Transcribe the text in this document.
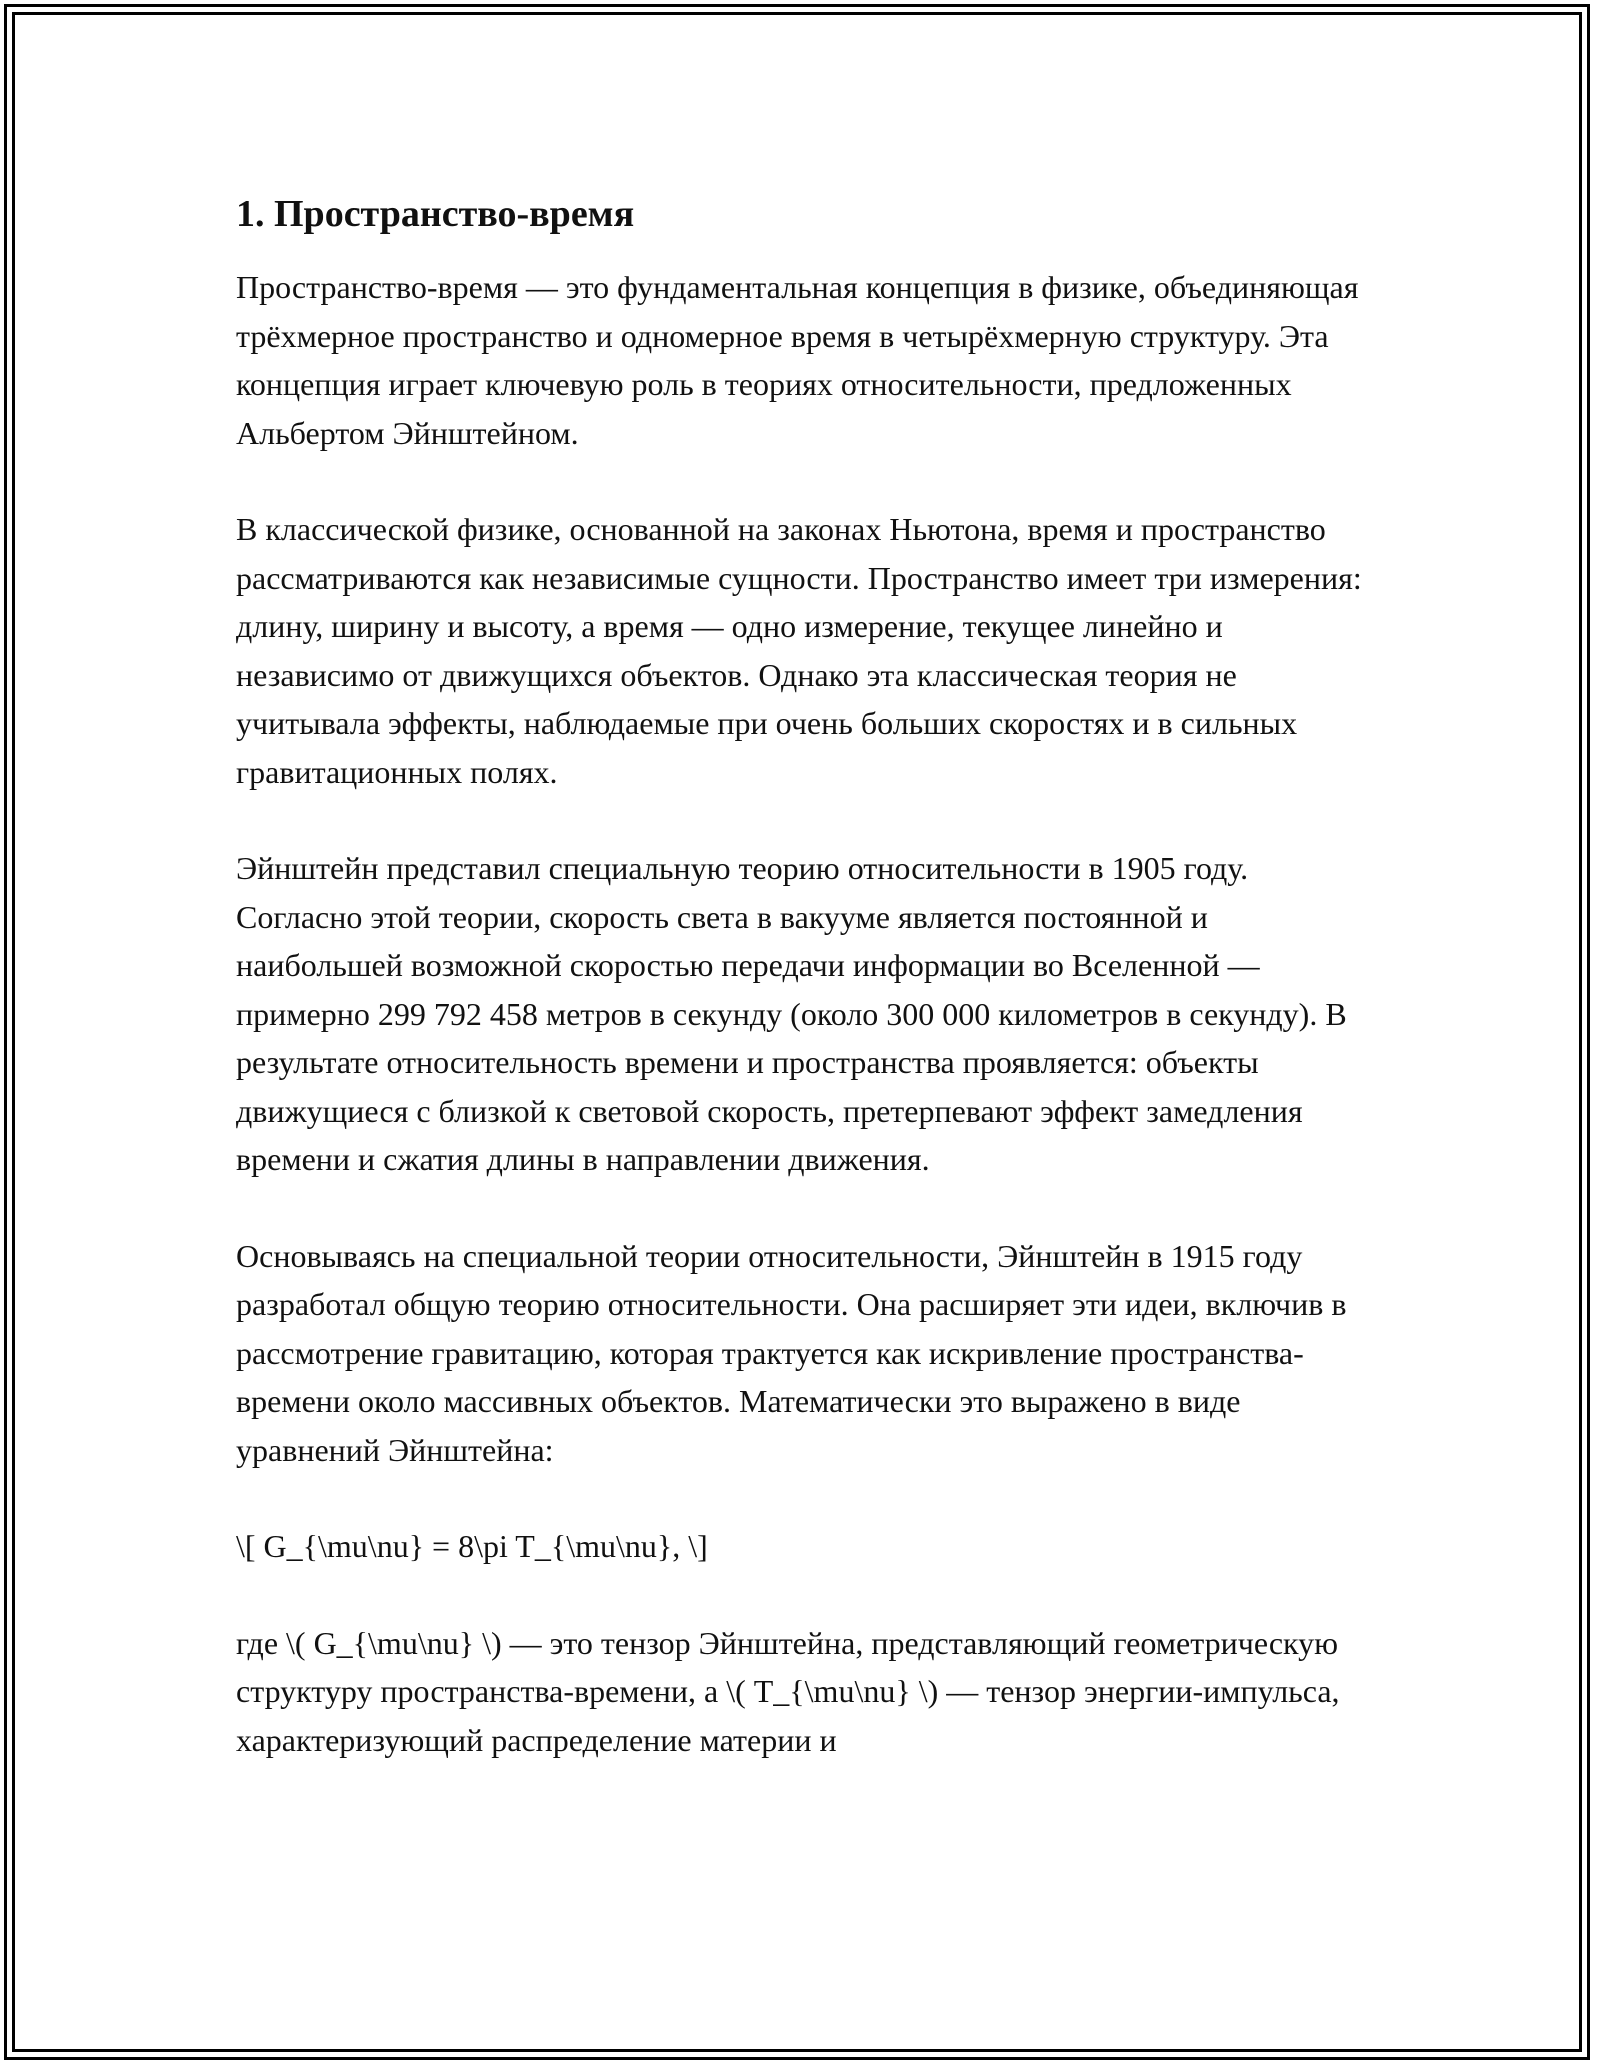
1. Пространство-время

Пространство-время — это фундаментальная концепция в физике, объединяющая трёхмерное пространство и одномерное время в четырёхмерную структуру. Эта концепция играет ключевую роль в теориях относительности, предложенных Альбертом Эйнштейном.

В классической физике, основанной на законах Ньютона, время и пространство рассматриваются как независимые сущности. Пространство имеет три измерения: длину, ширину и высоту, а время — одно измерение, текущее линейно и независимо от движущихся объектов. Однако эта классическая теория не учитывала эффекты, наблюдаемые при очень больших скоростях и в сильных гравитационных полях.

Эйнштейн представил специальную теорию относительности в 1905 году. Согласно этой теории, скорость света в вакууме является постоянной и наибольшей возможной скоростью передачи информации во Вселенной — примерно 299 792 458 метров в секунду (около 300 000 километров в секунду). В результате относительность времени и пространства проявляется: объекты движущиеся с близкой к световой скорость, претерпевают эффект замедления времени и сжатия длины в направлении движения.

Основываясь на специальной теории относительности, Эйнштейн в 1915 году разработал общую теорию относительности. Она расширяет эти идеи, включив в рассмотрение гравитацию, которая трактуется как искривление пространства-времени около массивных объектов. Математически это выражено в виде уравнений Эйнштейна:

\[ G_{\mu\nu} = 8\pi T_{\mu\nu}, \]

где \( G_{\mu\nu} \) — это тензор Эйнштейна, представляющий геометрическую структуру пространства-времени, а \( T_{\mu\nu} \) — тензор энергии-импульса, характеризующий распределение материи и
